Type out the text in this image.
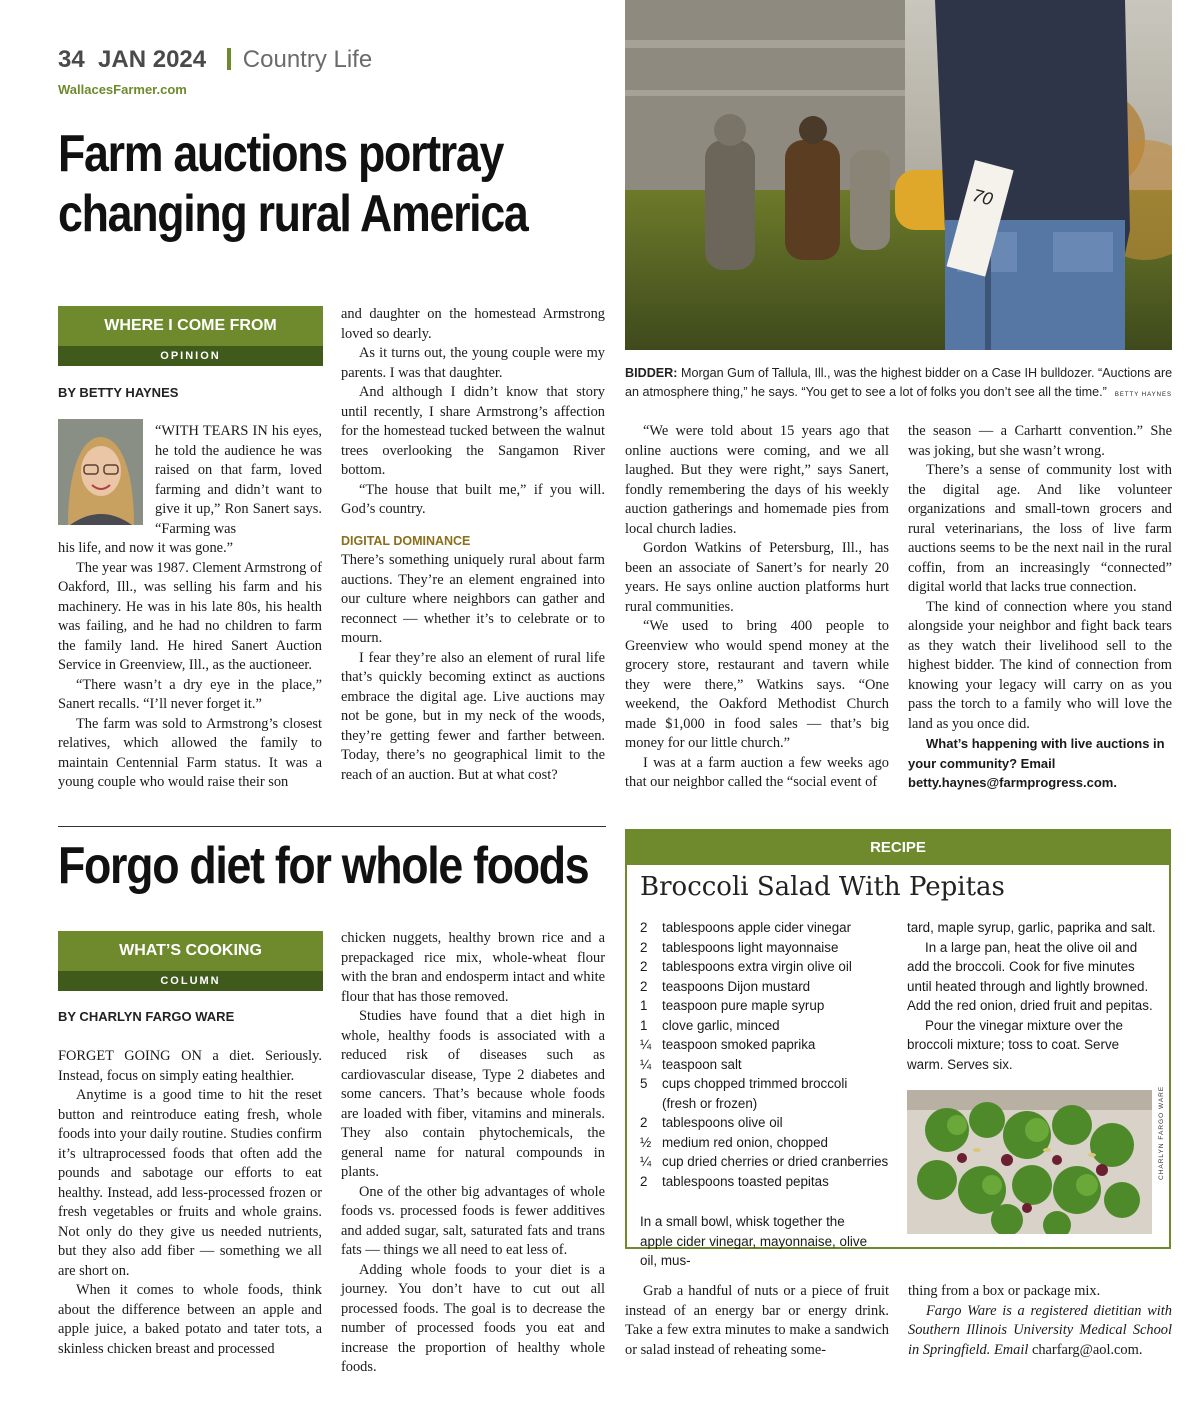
34 JAN 2024 Country Life
WallacesFarmer.com
Farm auctions portray changing rural America	70
BIDDER: Morgan Gum of Tallula, Ill., was the highest bidder on a Case IH bulldozer. “Auctions are an atmosphere thing,” he says. “You get to see a lot of folks you don’t see all the time.” BETTY HAYNES
WHERE I COME FROM
OPINION
BY BETTY HAYNES

“WITH TEARS IN his eyes, he told the audience he was raised on that farm, loved farming and didn’t want to give it up,” Ron Sanert says. “Farming was

his life, and now it was gone.”

The year was 1987. Clement Armstrong of Oakford, Ill., was selling his farm and his machinery. He was in his late 80s, his health was failing, and he had no children to farm the family land. He hired Sanert Auction Service in Greenview, Ill., as the auctioneer.

“There wasn’t a dry eye in the place,” Sanert recalls. “I’ll never forget it.”

The farm was sold to Armstrong’s closest relatives, which allowed the family to maintain Centennial Farm status. It was a young couple who would raise their son

and daughter on the homestead Armstrong loved so dearly.

As it turns out, the young couple were my parents. I was that daughter.

And although I didn’t know that story until recently, I share Armstrong’s affection for the homestead tucked between the walnut trees overlooking the Sangamon River bottom.

“The house that built me,” if you will. God’s country.

DIGITAL DOMINANCE

There’s something uniquely rural about farm auctions. They’re an element engrained into our culture where neighbors can gather and reconnect — whether it’s to celebrate or to mourn.

I fear they’re also an element of rural life that’s quickly becoming extinct as auctions embrace the digital age. Live auctions may not be gone, but in my neck of the woods, they’re getting fewer and farther between. Today, there’s no geographical limit to the reach of an auction. But at what cost?

“We were told about 15 years ago that online auctions were coming, and we all laughed. But they were right,” says Sanert, fondly remembering the days of his weekly auction gatherings and homemade pies from local church ladies.

Gordon Watkins of Petersburg, Ill., has been an associate of Sanert’s for nearly 20 years. He says online auction platforms hurt rural communities.

“We used to bring 400 people to Greenview who would spend money at the grocery store, restaurant and tavern while they were there,” Watkins says. “One weekend, the Oakford Methodist Church made $1,000 in food sales — that’s big money for our little church.”

I was at a farm auction a few weeks ago that our neighbor called the “social event of

the season — a Carhartt convention.” She was joking, but she wasn’t wrong.

There’s a sense of community lost with the digital age. And like volunteer organizations and small-town grocers and rural veterinarians, the loss of live farm auctions seems to be the next nail in the rural coffin, from an increasingly “connected” digital world that lacks true connection.

The kind of connection where you stand alongside your neighbor and fight back tears as they watch their livelihood sell to the highest bidder. The kind of connection from knowing your legacy will carry on as you pass the torch to a family who will love the land as you once did.

What’s happening with live auctions in your community? Email betty.haynes@farmprogress.com.

Forgo diet for whole foods
WHAT’S COOKING
COLUMN
BY CHARLYN FARGO WARE

FORGET GOING ON a diet. Seriously. Instead, focus on simply eating healthier.

Anytime is a good time to hit the reset button and reintroduce eating fresh, whole foods into your daily routine. Studies confirm it’s ultraprocessed foods that often add the pounds and sabotage our efforts to eat healthy. Instead, add less-processed frozen or fresh vegetables or fruits and whole grains. Not only do they give us needed nutrients, but they also add fiber — something we all are short on.

When it comes to whole foods, think about the difference between an apple and apple juice, a baked potato and tater tots, a skinless chicken breast and processed

chicken nuggets, healthy brown rice and a prepackaged rice mix, whole-wheat flour with the bran and endosperm intact and white flour that has those removed.

Studies have found that a diet high in whole, healthy foods is associated with a reduced risk of diseases such as cardiovascular disease, Type 2 diabetes and some cancers. That’s because whole foods are loaded with fiber, vitamins and minerals. They also contain phytochemicals, the general name for natural compounds in plants.

One of the other big advantages of whole foods vs. processed foods is fewer additives and added sugar, salt, saturated fats and trans fats — things we all need to eat less of.

Adding whole foods to your diet is a journey. You don’t have to cut out all processed foods. The goal is to decrease the number of processed foods you eat and increase the proportion of healthy whole foods.

RECIPE
Broccoli Salad With Pepitas
2	tablespoons apple cider vinegar
2	tablespoons light mayonnaise
2	tablespoons extra virgin olive oil
2	teaspoons Dijon mustard
1	teaspoon pure maple syrup
1	clove garlic, minced
¼ teaspoon smoked paprika
¼ teaspoon salt
5	cups chopped trimmed broccoli (fresh or frozen)
2	tablespoons olive oil
½ medium red onion, chopped
¼ cup dried cherries or dried cranberries
2	tablespoons toasted pepitas
In a small bowl, whisk together the apple cider vinegar, mayonnaise, olive oil, mus-

tard, maple syrup, garlic, paprika and salt.

In a large pan, heat the olive oil and add the broccoli. Cook for five minutes until heated through and lightly browned. Add the red onion, dried fruit and pepitas.

Pour the vinegar mixture over the broccoli mixture; toss to coat. Serve warm. Serves six.

CHARLYN FARGO WARE

Grab a handful of nuts or a piece of fruit instead of an energy bar or energy drink. Take a few extra minutes to make a sandwich or salad instead of reheating some-

thing from a box or package mix.

Fargo Ware is a registered dietitian with Southern Illinois University Medical School in Springfield. Email charfarg@aol.com.
